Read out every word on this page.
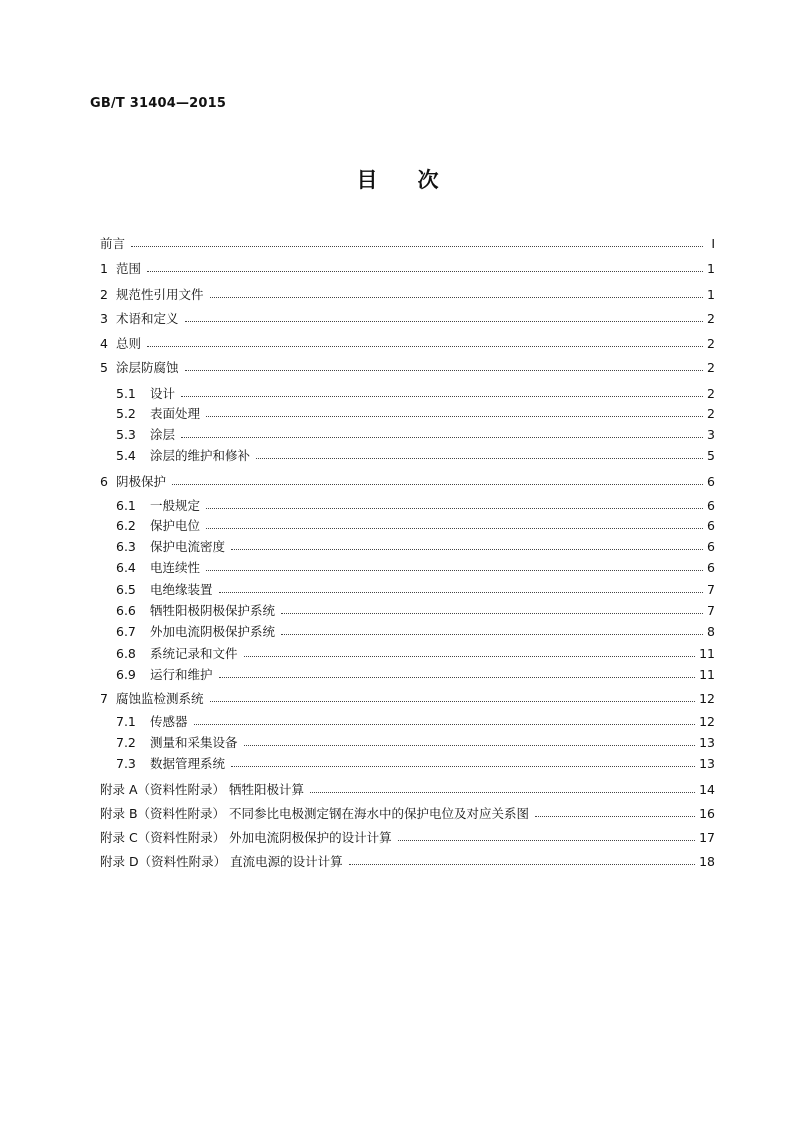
GB/T 31404—2015
目次
前言	Ⅰ
1 范围	1
2 规范性引用文件	1
3 术语和定义	2
4 总则	2
5 涂层防腐蚀	2
5.1	设计	2
5.2	表面处理	2
5.3	涂层	3
5.4	涂层的维护和修补	5
6 阴极保护	6
6.1	一般规定	6
6.2	保护电位	6
6.3	保护电流密度	6
6.4	电连续性	6
6.5	电绝缘装置	7
6.6	牺牲阳极阴极保护系统	7
6.7	外加电流阴极保护系统	8
6.8	系统记录和文件	11
6.9	运行和维护	11
7 腐蚀监检测系统	12
7.1	传感器	12
7.2	测量和采集设备	13
7.3	数据管理系统	13
附录 A（资料性附录） 牺牲阳极计算	14
附录 B（资料性附录） 不同参比电极测定钢在海水中的保护电位及对应关系图	16
附录 C（资料性附录） 外加电流阴极保护的设计计算	17
附录 D（资料性附录） 直流电源的设计计算	18
